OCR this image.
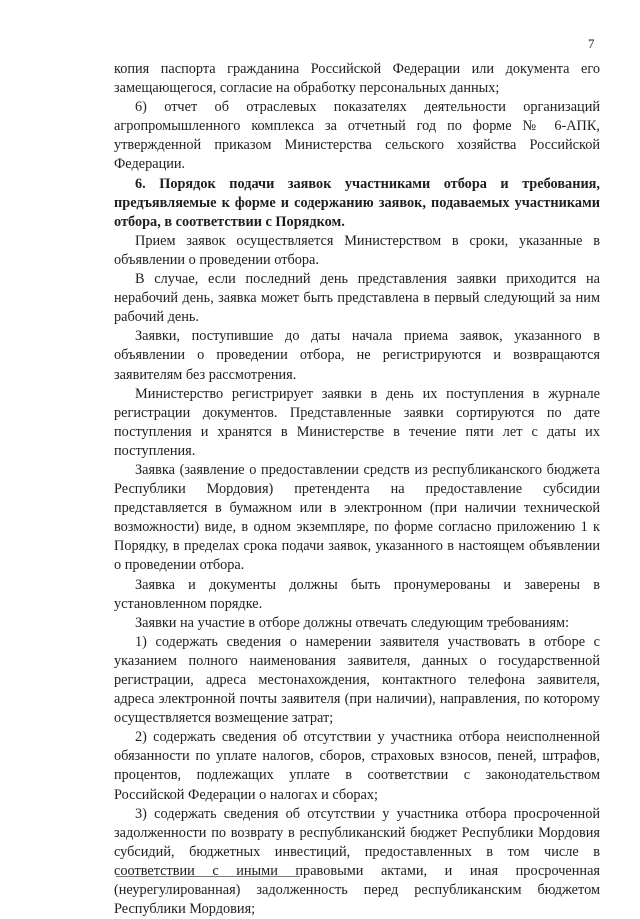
7

копия паспорта гражданина Российской Федерации или документа его замещающегося, согласие на обработку персональных данных;

6) отчет об отраслевых показателях деятельности организаций агропромышленного комплекса за отчетный год по форме № 6-АПК, утвержденной приказом Министерства сельского хозяйства Российской Федерации.

6. Порядок подачи заявок участниками отбора и требования, предъявляемые к форме и содержанию заявок, подаваемых участниками отбора, в соответствии с Порядком.

Прием заявок осуществляется Министерством в сроки, указанные в объявлении о проведении отбора.

В случае, если последний день представления заявки приходится на нерабочий день, заявка может быть представлена в первый следующий за ним рабочий день.

Заявки, поступившие до даты начала приема заявок, указанного в объявлении о проведении отбора, не регистрируются и возвращаются заявителям без рассмотрения.

Министерство регистрирует заявки в день их поступления в журнале регистрации документов. Представленные заявки сортируются по дате поступления и хранятся в Министерстве в течение пяти лет с даты их поступления.

Заявка (заявление о предоставлении средств из республиканского бюджета Республики Мордовия) претендента на предоставление субсидии представляется в бумажном или в электронном (при наличии технической возможности) виде, в одном экземпляре, по форме согласно приложению 1 к Порядку, в пределах срока подачи заявок, указанного в настоящем объявлении о проведении отбора.

Заявка и документы должны быть пронумерованы и заверены в установленном порядке.

Заявки на участие в отборе должны отвечать следующим требованиям:

1) содержать сведения о намерении заявителя участвовать в отборе с указанием полного наименования заявителя, данных о государственной регистрации, адреса местонахождения, контактного телефона заявителя, адреса электронной почты заявителя (при наличии), направления, по которому осуществляется возмещение затрат;

2) содержать сведения об отсутствии у участника отбора неисполненной обязанности по уплате налогов, сборов, страховых взносов, пеней, штрафов, процентов, подлежащих уплате в соответствии с законодательством Российской Федерации о налогах и сборах;

3) содержать сведения об отсутствии у участника отбора просроченной задолженности по возврату в республиканский бюджет Республики Мордовия субсидий, бюджетных инвестиций, предоставленных в том числе в соответствии с иными правовыми актами, и иная просроченная (неурегулированная) задолженность перед республиканским бюджетом Республики Мордовия;
